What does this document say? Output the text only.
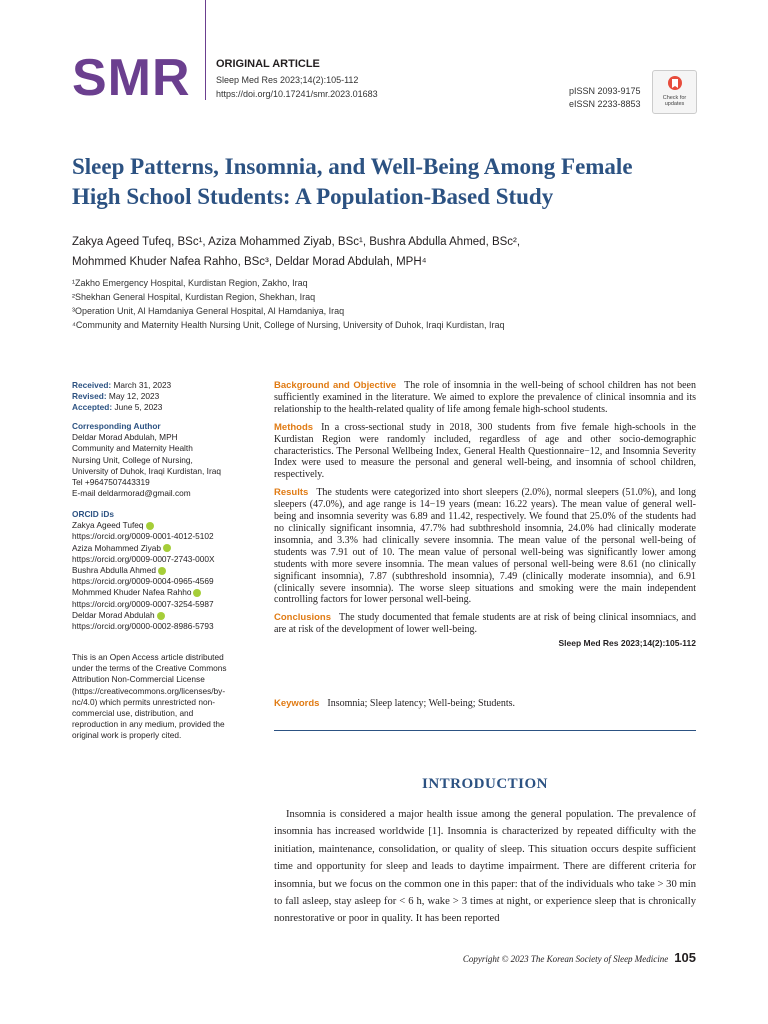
SMR ORIGINAL ARTICLE
Sleep Med Res 2023;14(2):105-112
https://doi.org/10.17241/smr.2023.01683	pISSN 2093-9175
eISSN 2233-8853
Check for
updates
Sleep Patterns, Insomnia, and Well-Being Among Female
High School Students: A Population-Based Study
Zakya Ageed Tufeq, BSc¹, Aziza Mohammed Ziyab, BSc¹, Bushra Abdulla Ahmed, BSc²,
Mohmmed Khuder Nafea Rahho, BSc³, Deldar Morad Abdulah, MPH⁴
¹Zakho Emergency Hospital, Kurdistan Region, Zakho, Iraq
²Shekhan General Hospital, Kurdistan Region, Shekhan, Iraq
³Operation Unit, Al Hamdaniya General Hospital, Al Hamdaniya, Iraq
⁴Community and Maternity Health Nursing Unit, College of Nursing, University of Duhok, Iraqi Kurdistan, Iraq
Received: March 31, 2023
Revised: May 12, 2023
Accepted: June 5, 2023
Corresponding Author
Deldar Morad Abdulah, MPH
Community and Maternity Health
Nursing Unit, College of Nursing,
University of Duhok, Iraqi Kurdistan, Iraq
Tel +9647507443319
E-mail deldarmorad@gmail.com
ORCID iDs
Zakya Ageed Tufeq
https://orcid.org/0009-0001-4012-5102
Aziza Mohammed Ziyab
https://orcid.org/0009-0007-2743-000X
Bushra Abdulla Ahmed
https://orcid.org/0009-0004-0965-4569
Mohmmed Khuder Nafea Rahho
https://orcid.org/0009-0007-3254-5987
Deldar Morad Abdulah
https://orcid.org/0000-0002-8986-5793
This is an Open Access article distributed under the terms of the Creative Commons Attribution Non-Commercial License (https://creativecommons.org/licenses/by-nc/4.0) which permits unrestricted non-commercial use, distribution, and reproduction in any medium, provided the original work is properly cited.

Background and Objective The role of insomnia in the well-being of school children has not been sufficiently examined in the literature. We aimed to explore the prevalence of clinical insomnia and its relationship to the health-related quality of life among female high-school students.

Methods In a cross-sectional study in 2018, 300 students from five female high-schools in the Kurdistan Region were randomly included, regardless of age and other socio-demographic characteristics. The Personal Wellbeing Index, General Health Questionnaire−12, and Insomnia Severity Index were used to measure the personal and general well-being, and insomnia of school children, respectively.

Results The students were categorized into short sleepers (2.0%), normal sleepers (51.0%), and long sleepers (47.0%), and age range is 14−19 years (mean: 16.22 years). The mean value of general well-being and insomnia severity was 6.89 and 11.42, respectively. We found that 25.0% of the students had no clinically significant insomnia, 47.7% had subthreshold insomnia, 24.0% had clinically moderate insomnia, and 3.3% had clinically severe insomnia. The mean value of the personal well-being of students was 7.91 out of 10. The mean value of personal well-being was significantly lower among students with more severe insomnia. The mean values of personal well-being were 8.61 (no clinically significant insomnia), 7.87 (subthreshold insomnia), 7.49 (clinically moderate insomnia), and 6.91 (clinically severe insomnia). The worse sleep situations and smoking were the main independent controlling factors for lower personal well-being.

Conclusions The study documented that female students are at risk of being clinical insomniacs, and are at risk of the development of lower well-being.

Sleep Med Res 2023;14(2):105-112
Keywords Insomnia; Sleep latency; Well-being; Students.
INTRODUCTION
Insomnia is considered a major health issue among the general population. The prevalence of insomnia has increased worldwide [1]. Insomnia is characterized by repeated difficulty with the initiation, maintenance, consolidation, or quality of sleep. This situation occurs despite sufficient time and opportunity for sleep and leads to daytime impairment. There are different criteria for insomnia, but we focus on the common one in this paper: that of the individuals who take > 30 min to fall asleep, stay asleep for < 6 h, wake > 3 times at night, or experience sleep that is chronically nonrestorative or poor in quality. It has been reported
Copyright © 2023 The Korean Society of Sleep Medicine 105
